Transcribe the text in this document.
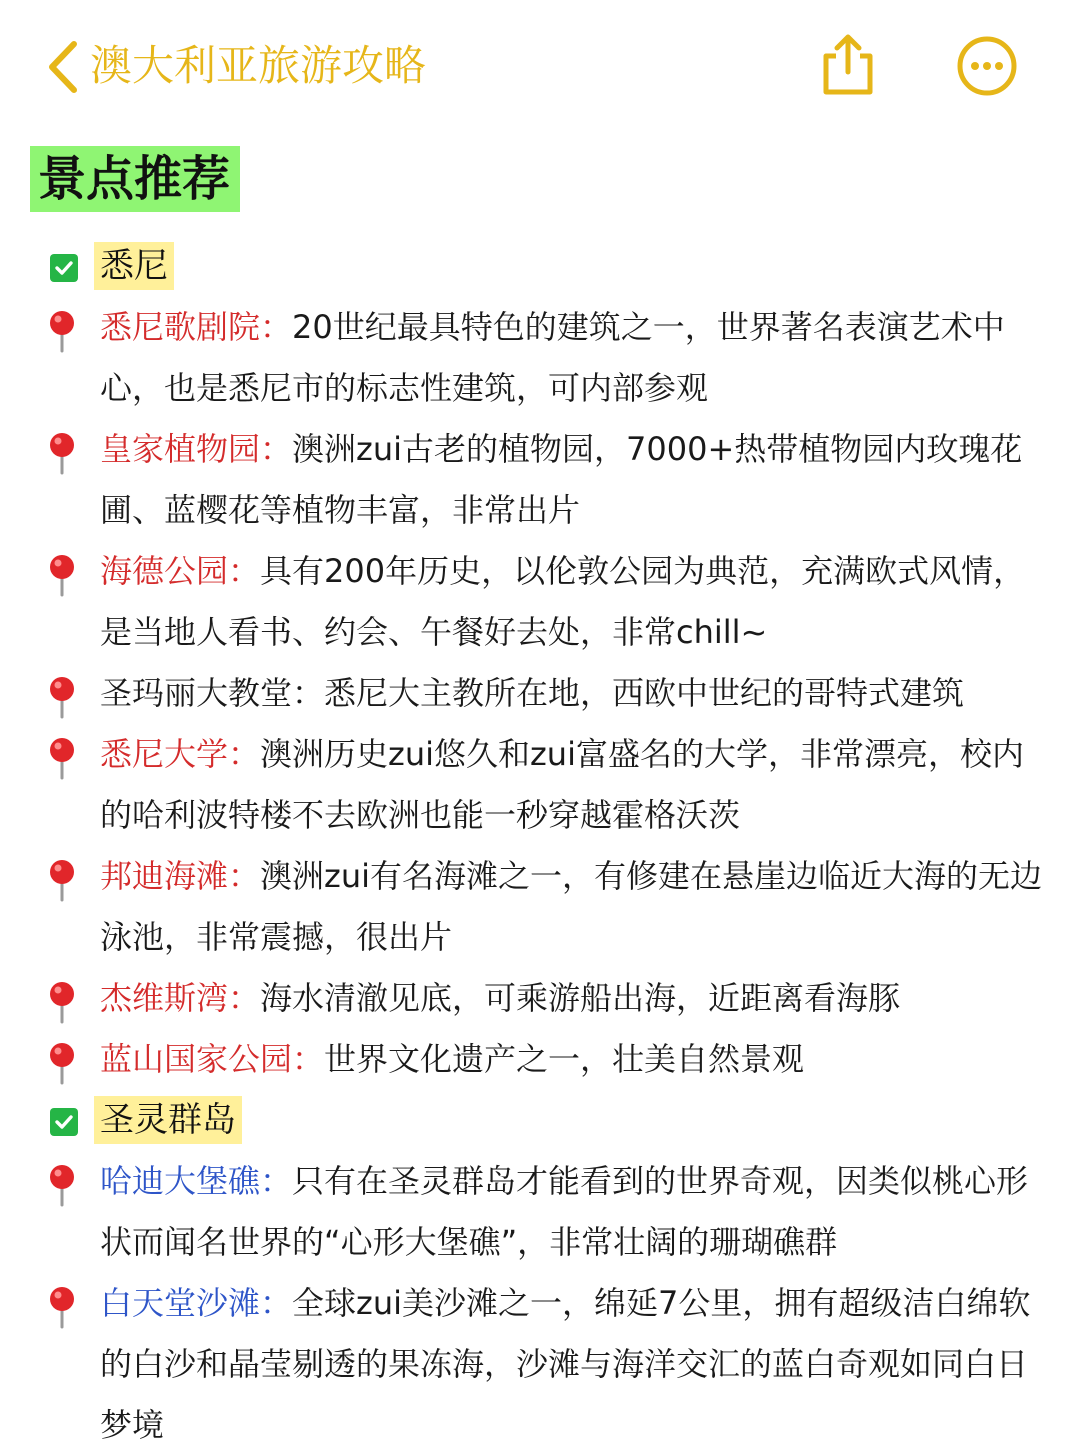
澳大利亚旅游攻略
景点推荐
悉尼
悉尼歌剧院：20世纪最具特色的建筑之一，世界著名表演艺术中心，也是悉尼市的标志性建筑，可内部参观
皇家植物园：澳洲zui古老的植物园，7000+热带植物园内玫瑰花圃、蓝樱花等植物丰富，非常出片
海德公园：具有200年历史，以伦敦公园为典范，充满欧式风情，是当地人看书、约会、午餐好去处，非常chill~
圣玛丽大教堂：悉尼大主教所在地，西欧中世纪的哥特式建筑
悉尼大学：澳洲历史zui悠久和zui富盛名的大学，非常漂亮，校内的哈利波特楼不去欧洲也能一秒穿越霍格沃茨
邦迪海滩：澳洲zui有名海滩之一，有修建在悬崖边临近大海的无边泳池，非常震撼，很出片
杰维斯湾：海水清澈见底，可乘游船出海，近距离看海豚
蓝山国家公园：世界文化遗产之一，壮美自然景观
圣灵群岛
哈迪大堡礁：只有在圣灵群岛才能看到的世界奇观，因类似桃心形状而闻名世界的“心形大堡礁”，非常壮阔的珊瑚礁群
白天堂沙滩：全球zui美沙滩之一，绵延7公里，拥有超级洁白绵软的白沙和晶莹剔透的果冻海，沙滩与海洋交汇的蓝白奇观如同白日梦境
